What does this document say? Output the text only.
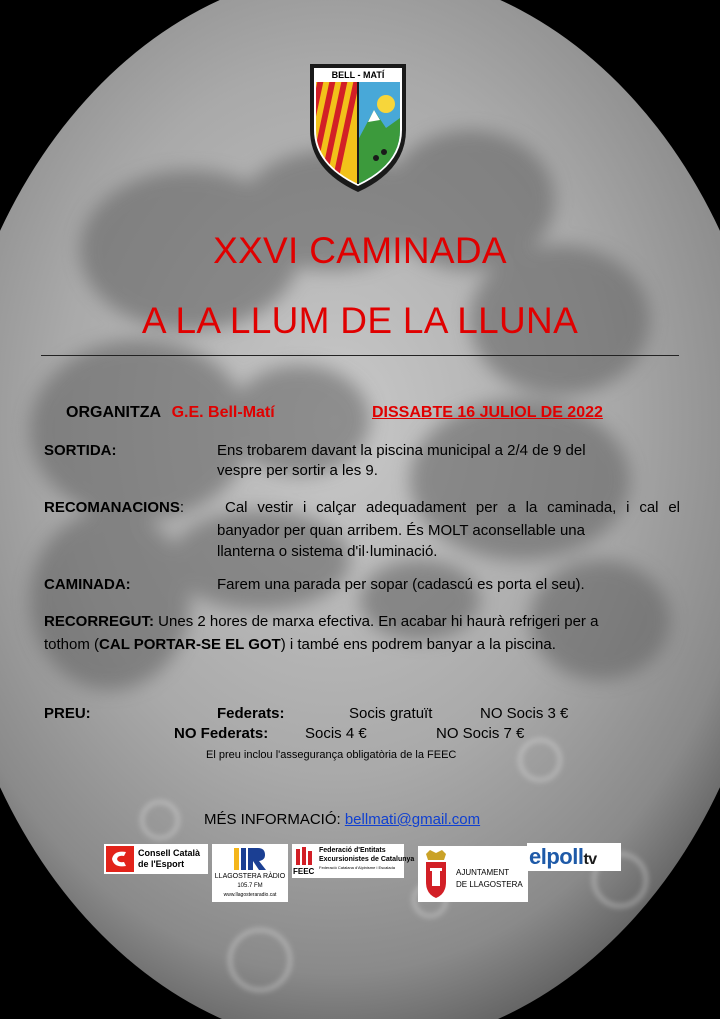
BELL - MATÍ
XXVI CAMINADA
A LA LLUM DE LA LLUNA
ORGANITZA G.E. Bell-Matí	DISSABTE 16 JULIOL DE 2022
SORTIDA:	Ens trobarem davant la piscina municipal a 2/4 de 9 del
vespre per sortir a les 9.
RECOMANACIONS:	Cal vestir i calçar adequadament per a la caminada, i cal el
banyador per quan arribem. És MOLT aconsellable una
llanterna o sistema d'il·luminació.
CAMINADA:	Farem una parada per sopar (cadascú es porta el seu).
RECORREGUT: Unes 2 hores de marxa efectiva. En acabar hi haurà refrigeri per a
tothom (CAL PORTAR-SE EL GOT) i també ens podrem banyar a la piscina.
PREU:	Federats:	Socis gratuït	NO Socis 3 €
NO Federats: Socis 4 €	NO Socis 7 €
El preu inclou l'assegurança obligatòria de la FEEC
MÉS INFORMACIÓ: bellmati@gmail.com
Consell Català
de l'Esport
LLAGOSTERA RÀDIO
105.7 FM
www.llagosteraradio.cat
FEEC
Federació d'Entitats
Excursionistes de Catalunya
Federació Catalana d'Alpinisme i Escalada
AJUNTAMENT
DE LLAGOSTERA
elpolltv
